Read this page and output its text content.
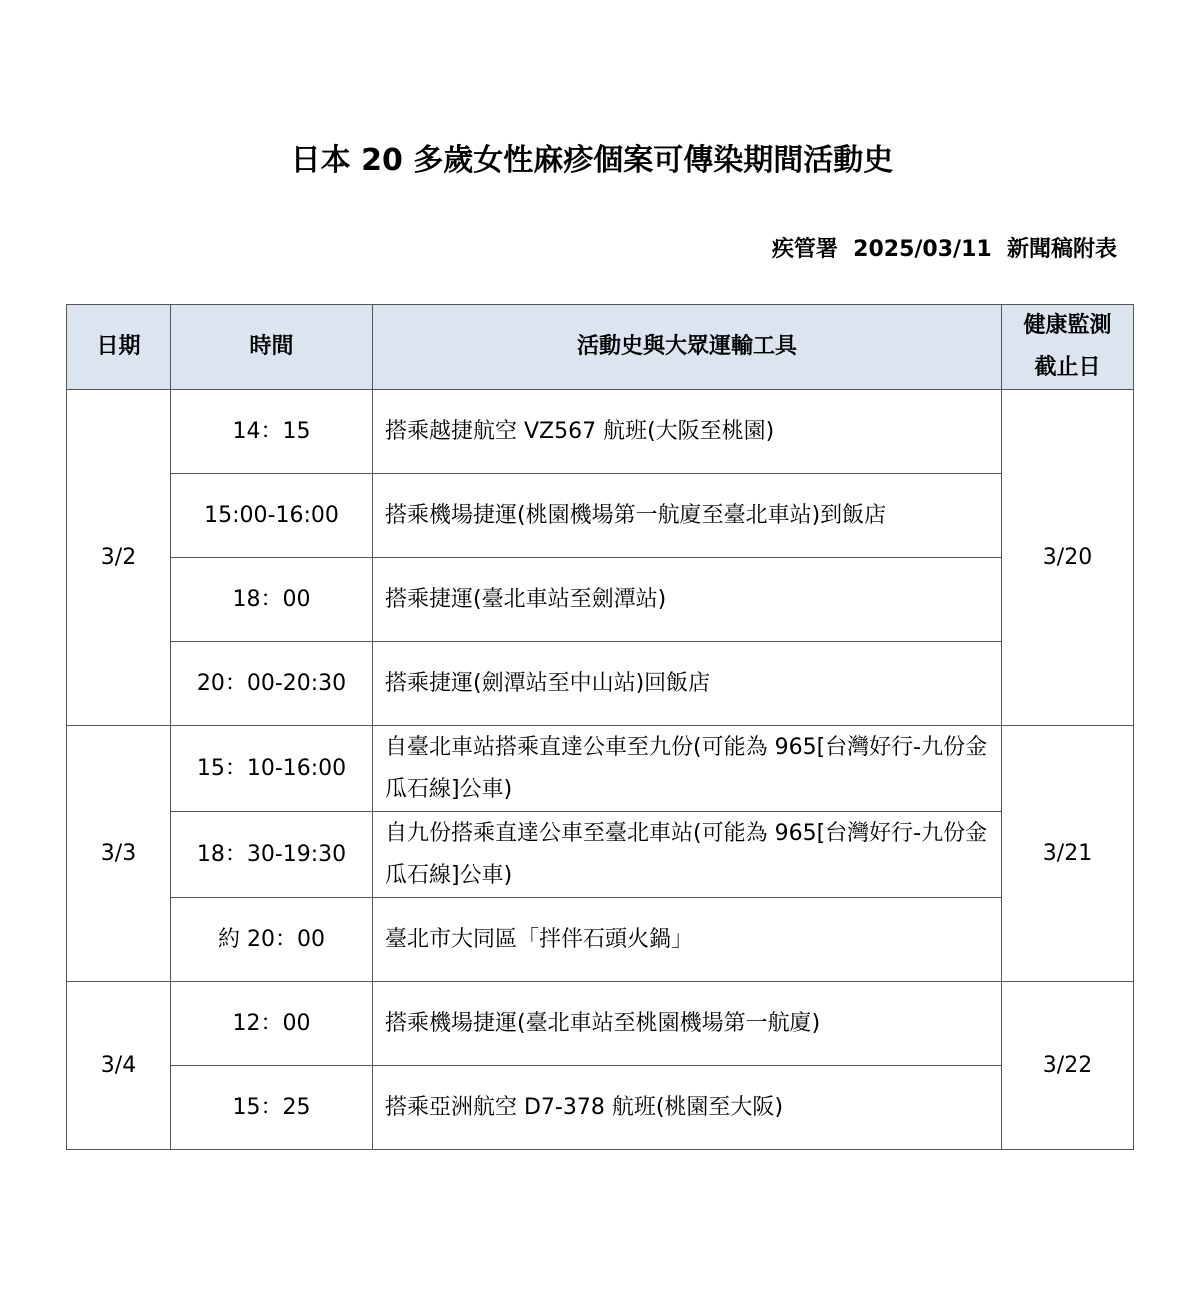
日本 20 多歲女性麻疹個案可傳染期間活動史
疾管署  2025/03/11  新聞稿附表
日期	時間	活動史與大眾運輸工具	健康監測
截止日
3/2	14：15	搭乘越捷航空 VZ567 航班(大阪至桃園)	3/20
	15:00-16:00	搭乘機場捷運(桃園機場第一航廈至臺北車站)到飯店	
	18：00	搭乘捷運(臺北車站至劍潭站)	
	20：00-20:30	搭乘捷運(劍潭站至中山站)回飯店	
3/3	15：10-16:00	自臺北車站搭乘直達公車至九份(可能為 965[台灣好行-九份金瓜石線]公車)	3/21
	18：30-19:30	自九份搭乘直達公車至臺北車站(可能為 965[台灣好行-九份金瓜石線]公車)	
	約 20：00	臺北市大同區「拌伴石頭火鍋」	
3/4	12：00	搭乘機場捷運(臺北車站至桃園機場第一航廈)	3/22
	15：25	搭乘亞洲航空 D7-378 航班(桃園至大阪)	
